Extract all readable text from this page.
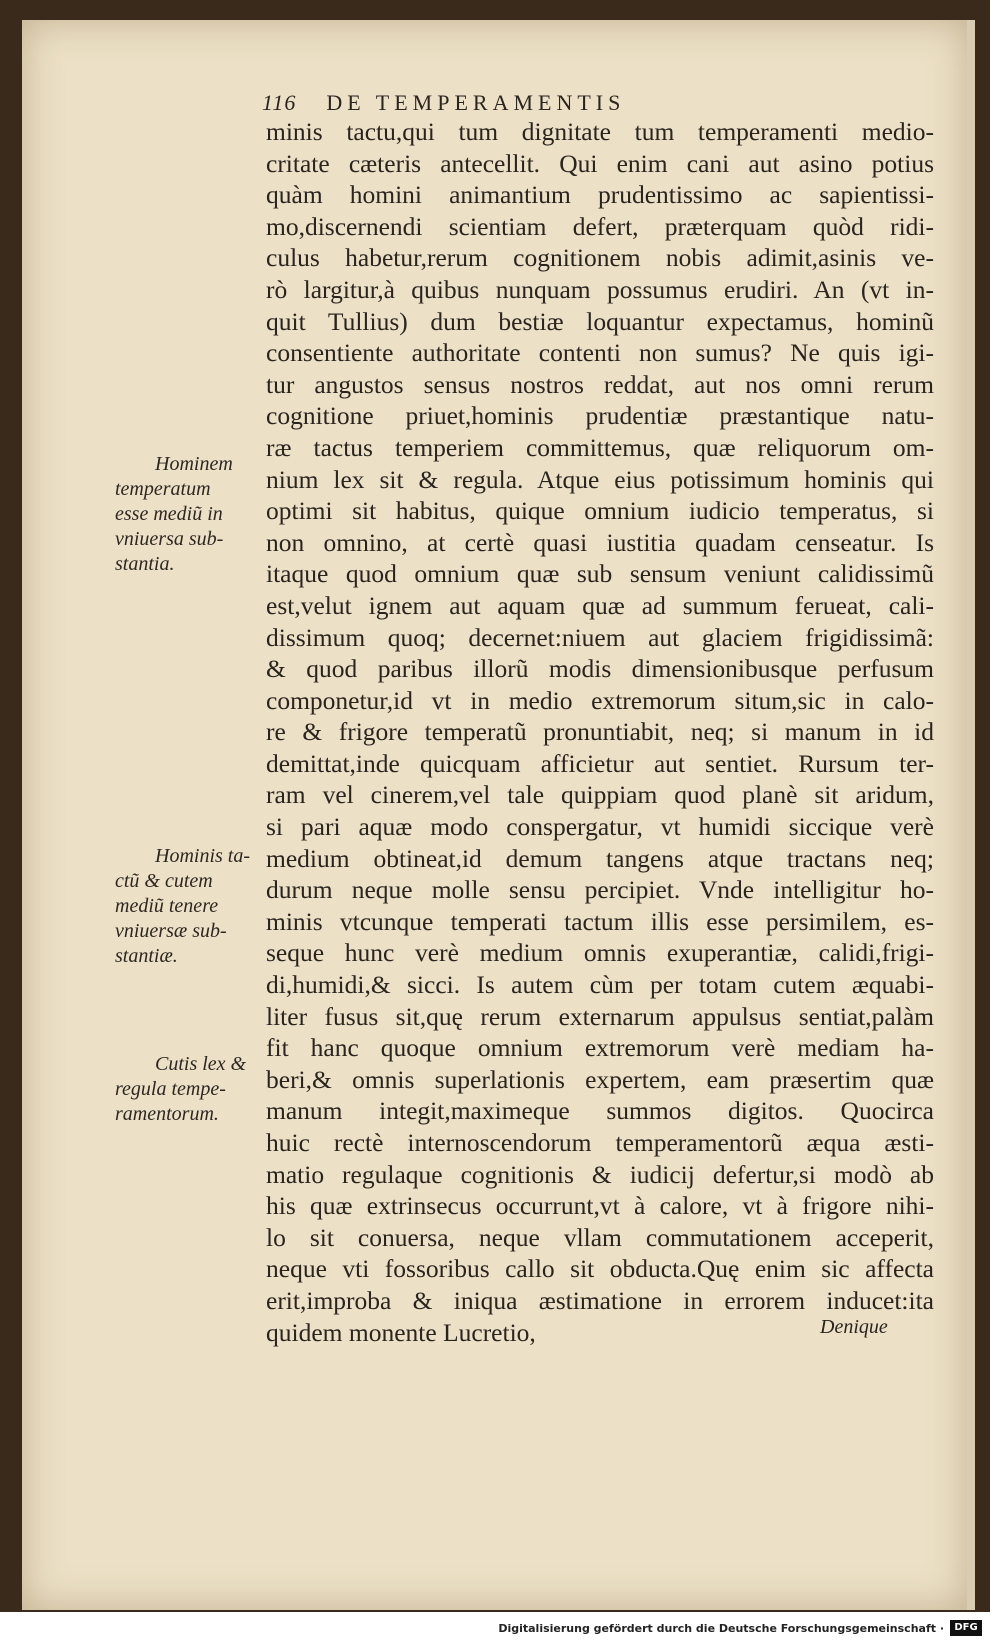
116 DE TEMPERAMENTIS
minis tactu,qui tum dignitate tum temperamenti medio-
critate cæteris antecellit. Qui enim cani aut asino potius
quàm homini animantium prudentissimo ac sapientissi-
mo,discernendi scientiam defert, præterquam quòd ridi-
culus habetur,rerum cognitionem nobis adimit,asinis ve-
rò largitur,à quibus nunquam possumus erudiri. An (vt in-
quit Tullius) dum bestiæ loquantur expectamus, hominũ
consentiente authoritate contenti non sumus? Ne quis igi-
tur angustos sensus nostros reddat, aut nos omni rerum
cognitione priuet,hominis prudentiæ præstantique natu-
ræ tactus temperiem committemus, quæ reliquorum om-
nium lex sit & regula. Atque eius potissimum hominis qui
optimi sit habitus, quique omnium iudicio temperatus, si
non omnino, at certè quasi iustitia quadam censeatur. Is
itaque quod omnium quæ sub sensum veniunt calidissimũ
est,velut ignem aut aquam quæ ad summum ferueat, cali-
dissimum quoq; decernet:niuem aut glaciem frigidissimã:
& quod paribus illorũ modis dimensionibusque perfusum
componetur,id vt in medio extremorum situm,sic in calo-
re & frigore temperatũ pronuntiabit, neq; si manum in id
demittat,inde quicquam afficietur aut sentiet. Rursum ter-
ram vel cinerem,vel tale quippiam quod planè sit aridum,
si pari aquæ modo conspergatur, vt humidi siccique verè
medium obtineat,id demum tangens atque tractans neq;
durum neque molle sensu percipiet. Vnde intelligitur ho-
minis vtcunque temperati tactum illis esse persimilem, es-
seque hunc verè medium omnis exuperantiæ, calidi,frigi-
di,humidi,& sicci. Is autem cùm per totam cutem æquabi-
liter fusus sit,quę rerum externarum appulsus sentiat,palàm
fit hanc quoque omnium extremorum verè mediam ha-
beri,& omnis superlationis expertem, eam præsertim quæ
manum integit,maximeque summos digitos. Quocirca
huic rectè internoscendorum temperamentorũ æqua æsti-
matio regulaque cognitionis & iudicij defertur,si modò ab
his quæ extrinsecus occurrunt,vt à calore, vt à frigore nihi-
lo sit conuersa, neque vllam commutationem acceperit,
neque vti fossoribus callo sit obducta.Quę enim sic affecta
erit,improba & iniqua æstimatione in errorem inducet:ita
quidem monente Lucretio,
Hominem
temperatum
esse mediũ in
vniuersa sub-
stantia.
Hominis ta-
ctũ & cutem
mediũ tenere
vniuersæ sub-
stantiæ.
Cutis lex &
regula tempe-
ramentorum.
Denique
Digitalisierung gefördert durch die Deutsche Forschungsgemeinschaft ·	DFG
